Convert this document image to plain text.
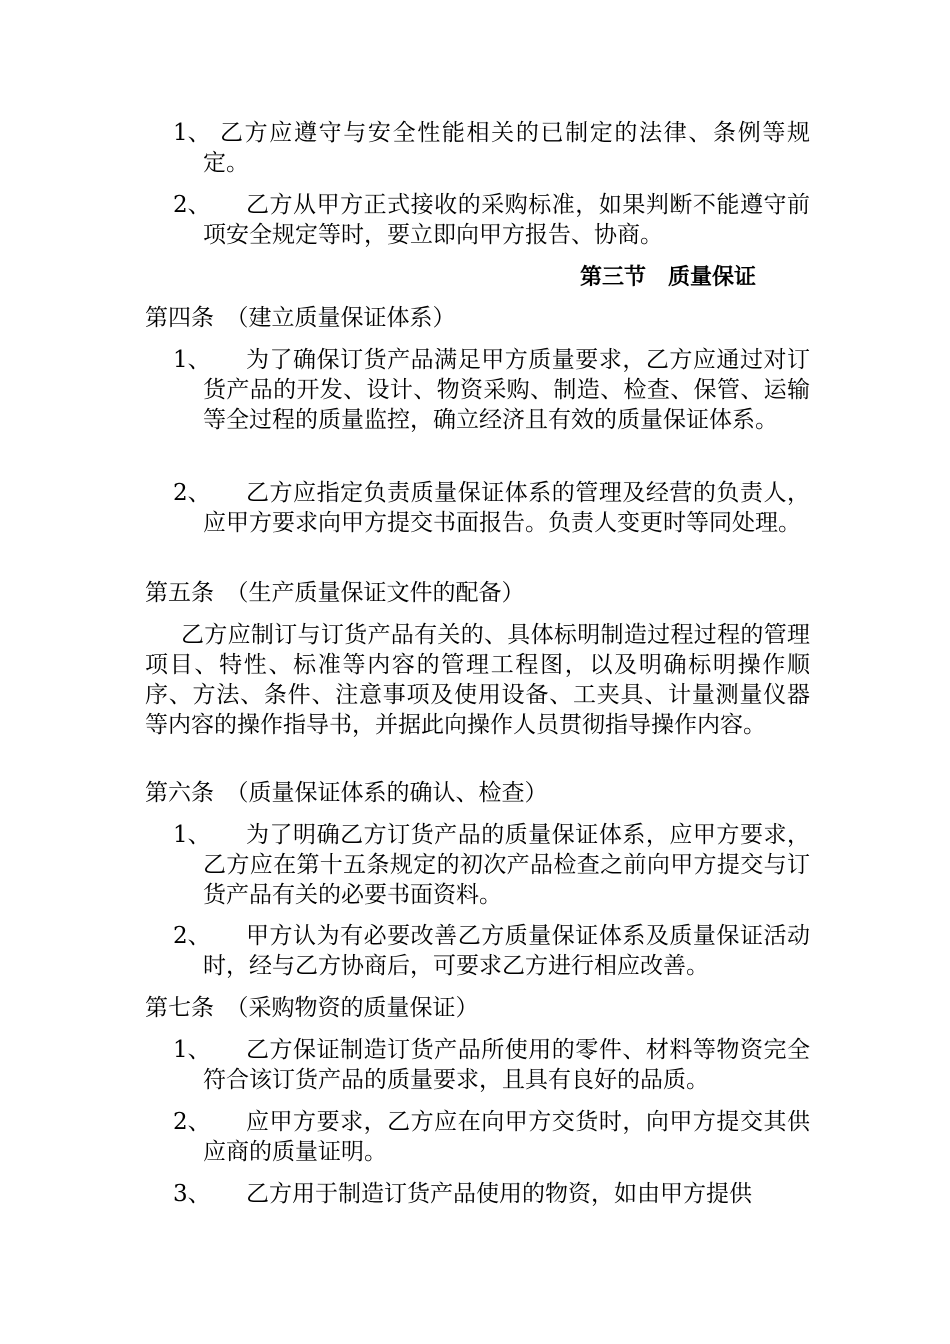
1、 乙方应遵守与安全性能相关的已制定的法律、条例等规定。
2、	乙方从甲方正式接收的采购标准，如果判断不能遵守前项安全规定等时，要立即向甲方报告、协商。
第三节　质量保证
第四条　（建立质量保证体系）
1、	为了确保订货产品满足甲方质量要求，乙方应通过对订货产品的开发、设计、物资采购、制造、检查、保管、运输等全过程的质量监控，确立经济且有效的质量保证体系。
2、	乙方应指定负责质量保证体系的管理及经营的负责人，应甲方要求向甲方提交书面报告。负责人变更时等同处理。
第五条　（生产质量保证文件的配备）
乙方应制订与订货产品有关的、具体标明制造过程过程的管理项目、特性、标准等内容的管理工程图，以及明确标明操作顺序、方法、条件、注意事项及使用设备、工夹具、计量测量仪器等内容的操作指导书，并据此向操作人员贯彻指导操作内容。
第六条　（质量保证体系的确认、检查）
1、	为了明确乙方订货产品的质量保证体系，应甲方要求，乙方应在第十五条规定的初次产品检查之前向甲方提交与订货产品有关的必要书面资料。
2、	甲方认为有必要改善乙方质量保证体系及质量保证活动时，经与乙方协商后，可要求乙方进行相应改善。
第七条　（采购物资的质量保证）
1、	乙方保证制造订货产品所使用的零件、材料等物资完全符合该订货产品的质量要求，且具有良好的品质。
2、	应甲方要求，乙方应在向甲方交货时，向甲方提交其供应商的质量证明。
3、	乙方用于制造订货产品使用的物资，如由甲方提供
